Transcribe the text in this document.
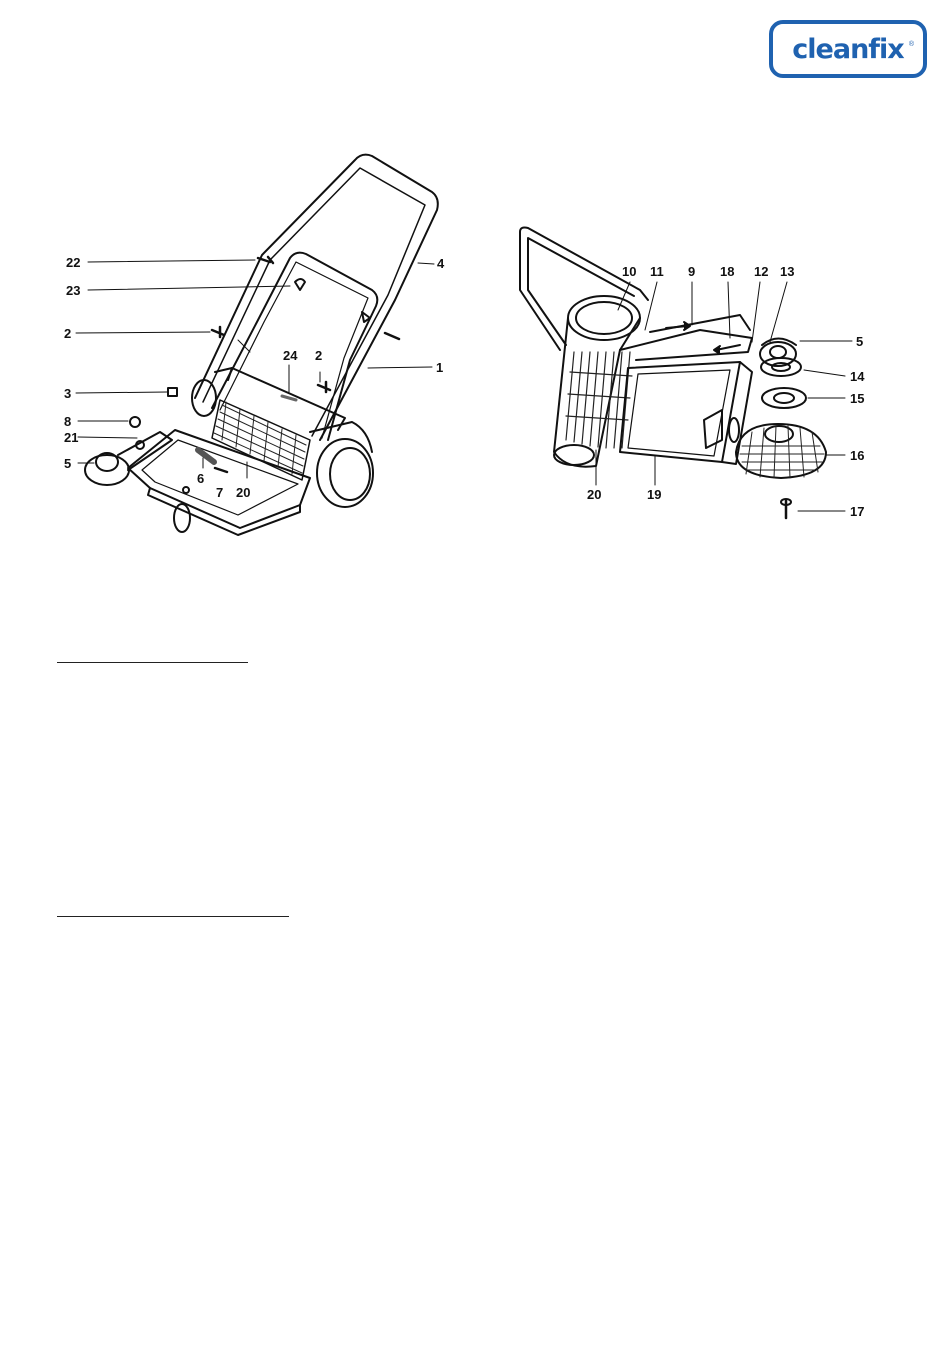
cleanfix ®
22	4
23
2
24 2
1
3
8
21
5
6
7 20
10 11 9 18 12 13
5
14
15
16
17
20	19
